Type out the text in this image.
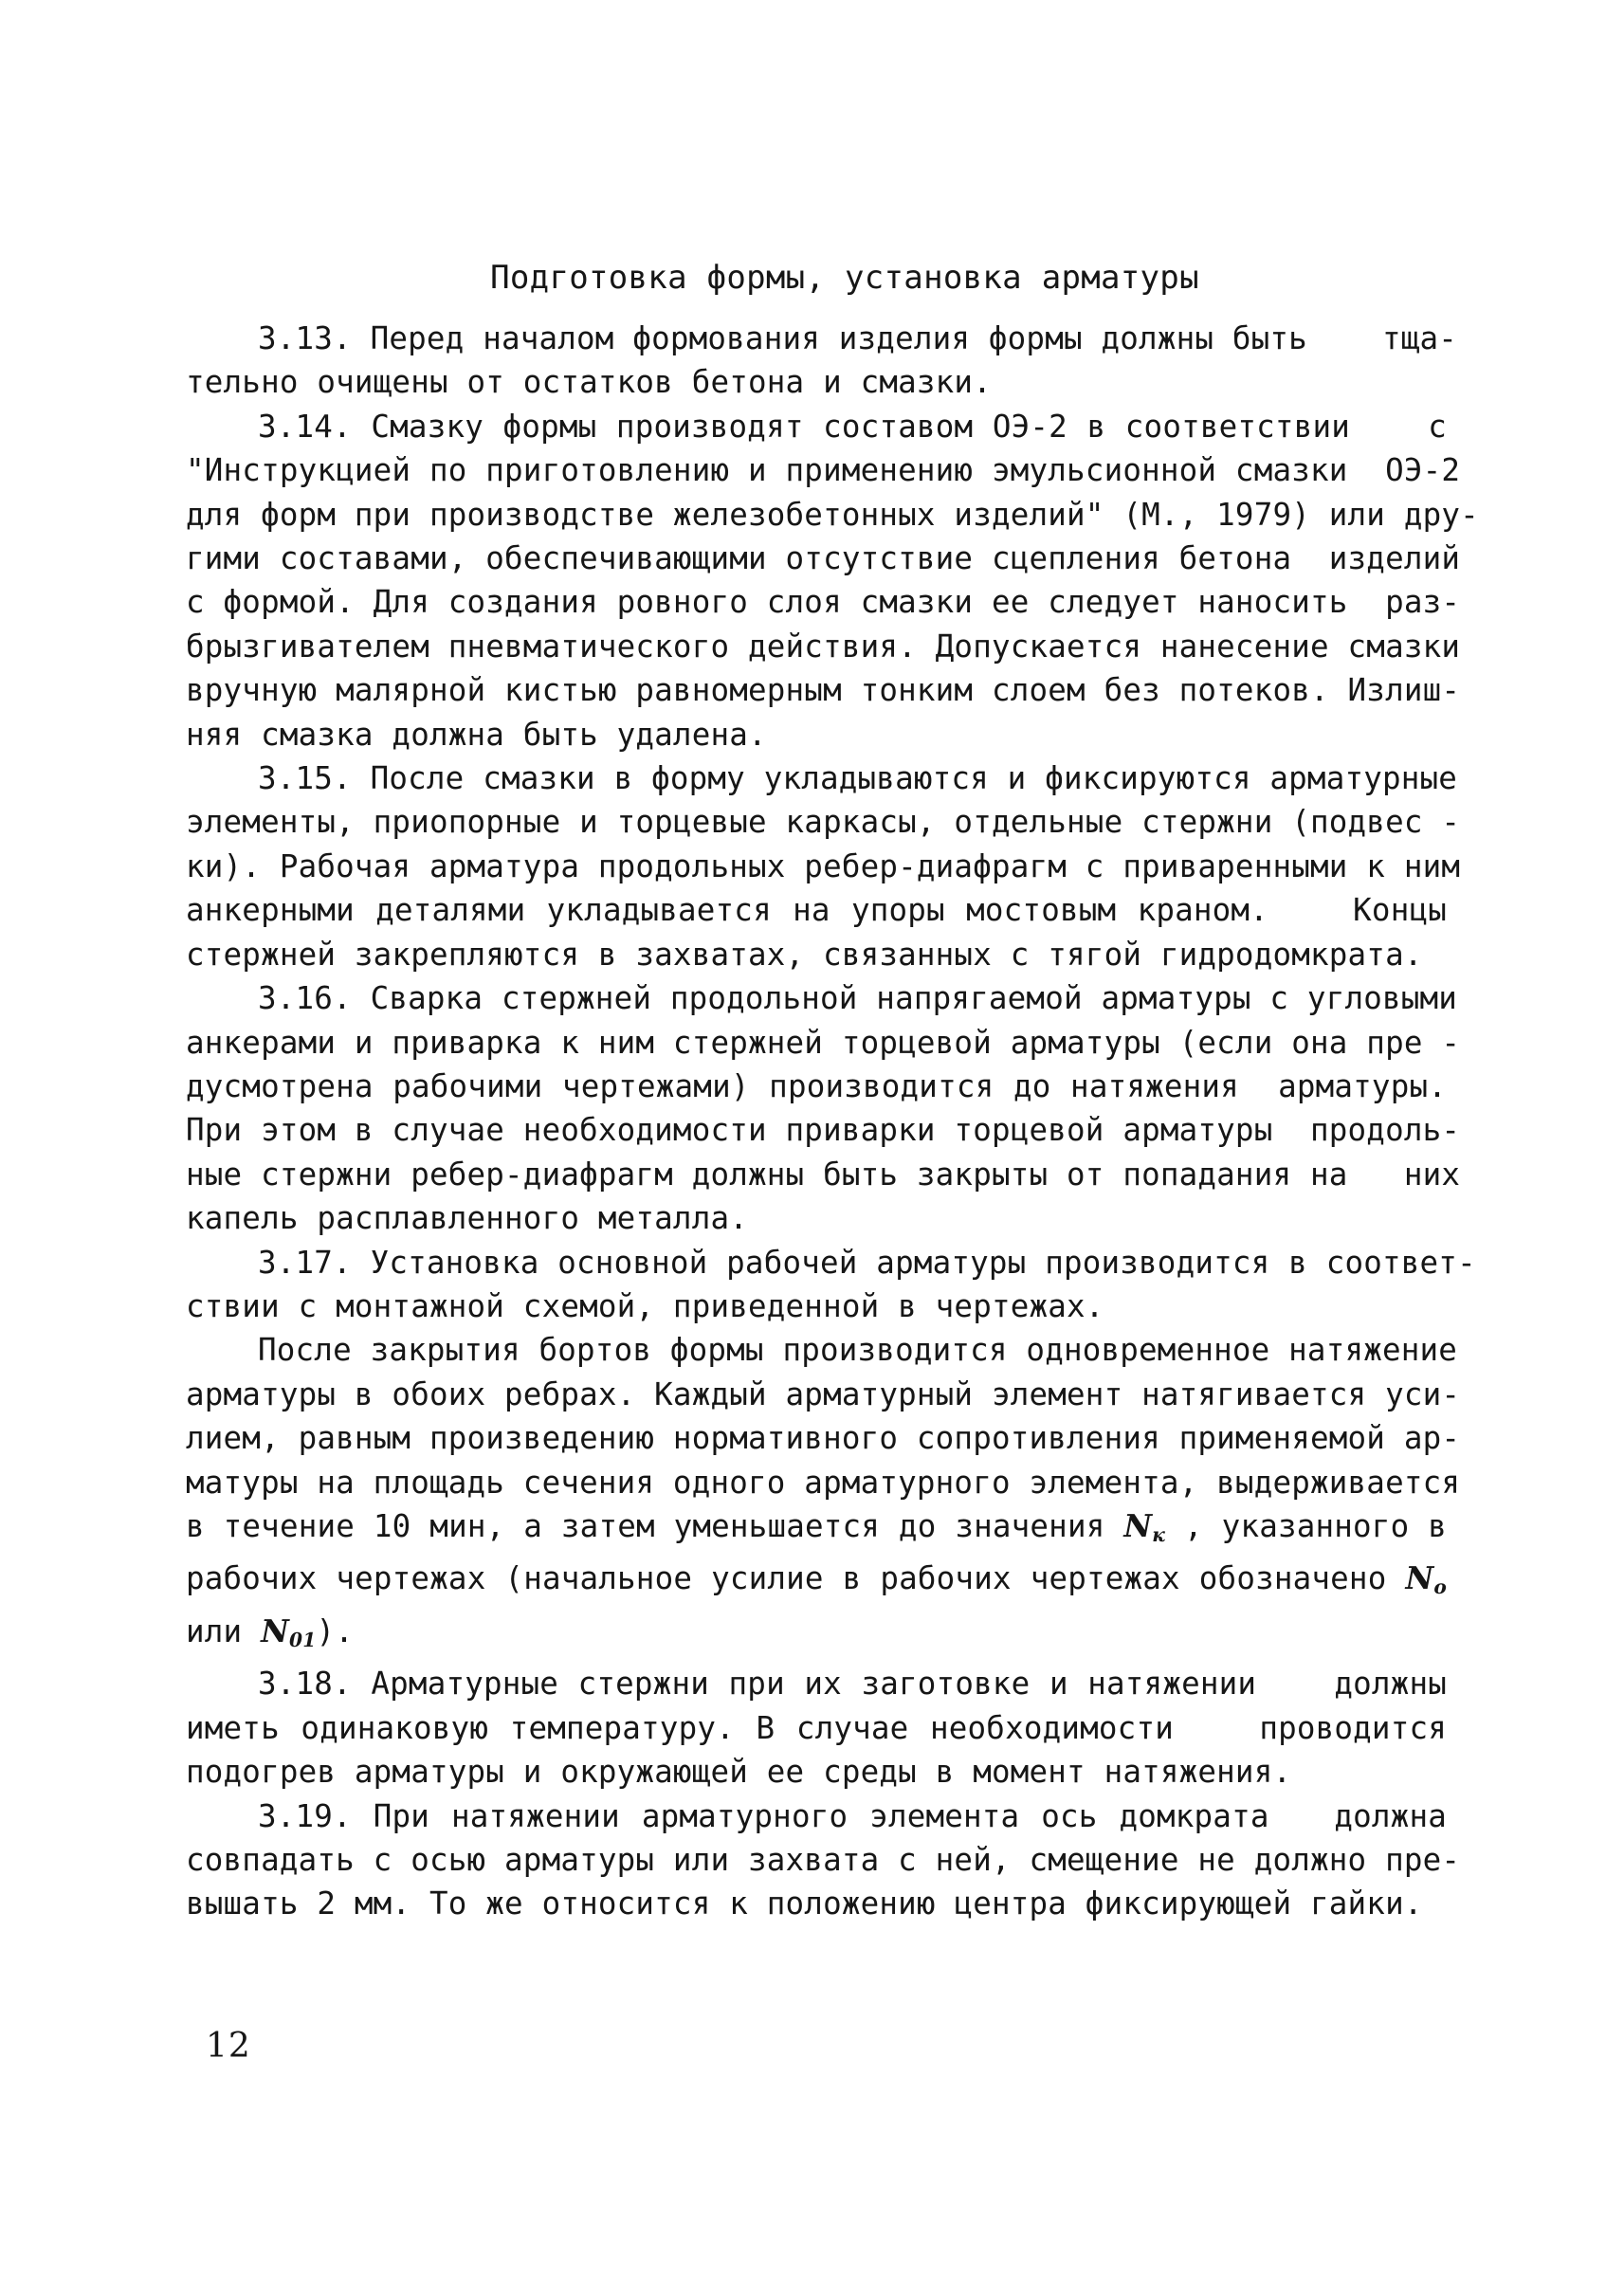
Подготовка формы, установка арматуры
3.13. Перед началом формования изделия формы должны быть    тща-
тельно очищены от остатков бетона и смазки.
3.14. Смазку формы производят составом ОЭ-2 в соответствии    с
"Инструкцией по приготовлению и применению эмульсионной смазки  ОЭ-2
для форм при производстве железобетонных изделий" (М., 1979) или дру-
гими составами, обеспечивающими отсутствие сцепления бетона  изделий
с формой. Для создания ровного слоя смазки ее следует наносить  раз-
брызгивателем пневматического действия. Допускается нанесение смазки
вручную малярной кистью равномерным тонким слоем без потеков. Излиш-
няя смазка должна быть удалена.
3.15. После смазки в форму укладываются и фиксируются арматурные
элементы, приопорные и торцевые каркасы, отдельные стержни (подвес -
ки). Рабочая арматура продольных ребер-диафрагм с приваренными к ним
анкерными деталями укладывается на упоры мостовым краном.    Концы
стержней закрепляются в захватах, связанных с тягой гидродомкрата.
3.16. Сварка стержней продольной напрягаемой арматуры с угловыми
анкерами и приварка к ним стержней торцевой арматуры (если она пре -
дусмотрена рабочими чертежами) производится до натяжения  арматуры.
При этом в случае необходимости приварки торцевой арматуры  продоль-
ные стержни ребер-диафрагм должны быть закрыты от попадания на   них
капель расплавленного металла.
3.17. Установка основной рабочей арматуры производится в соответ-
ствии с монтажной схемой, приведенной в чертежах.
После закрытия бортов формы производится одновременное натяжение
арматуры в обоих ребрах. Каждый арматурный элемент натягивается уси-
лием, равным произведению нормативного сопротивления применяемой ар-
матуры на площадь сечения одного арматурного элемента, выдерживается
в течение 10 мин, а затем уменьшается до значения $N_к$ , указанного в
рабочих чертежах (начальное усилие в рабочих чертежах обозначено $N_o$
или $N_{01}$).
3.18. Арматурные стержни при их заготовке и натяжении    должны
иметь одинаковую температуру. В случае необходимости    проводится
подогрев арматуры и окружающей ее среды в момент натяжения.
3.19. При натяжении арматурного элемента ось домкрата   должна
совпадать с осью арматуры или захвата с ней, смещение не должно пре-
вышать 2 мм. То же относится к положению центра фиксирующей гайки.
12
